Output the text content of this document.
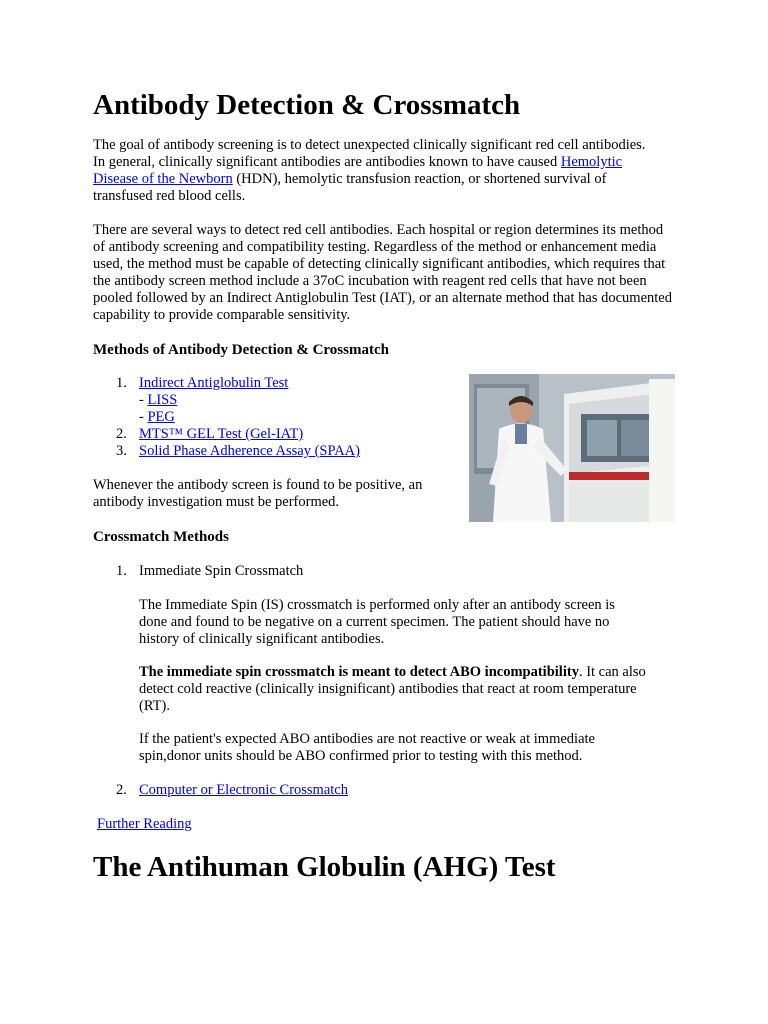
Antibody Detection & Crossmatch

The goal of antibody screening is to detect unexpected clinically significant red cell antibodies. In general, clinically significant antibodies are antibodies known to have caused Hemolytic Disease of the Newborn (HDN), hemolytic transfusion reaction, or shortened survival of transfused red blood cells.

There are several ways to detect red cell antibodies. Each hospital or region determines its method of antibody screening and compatibility testing. Regardless of the method or enhancement media used, the method must be capable of detecting clinically significant antibodies, which requires that the antibody screen method include a 37oC incubation with reagent red cells that have not been pooled followed by an Indirect Antiglobulin Test (IAT), or an alternate method that has documented capability to provide comparable sensitivity.

Methods of Antibody Detection & Crossmatch
1. Indirect Antiglobulin Test
- LISS
- PEG
2. MTS™ GEL Test (Gel-IAT)
3. Solid Phase Adherence Assay (SPAA)

Whenever the antibody screen is found to be positive, an antibody investigation must be performed.

Crossmatch Methods
1. Immediate Spin Crossmatch

The Immediate Spin (IS) crossmatch is performed only after an antibody screen is done and found to be negative on a current specimen. The patient should have no history of clinically significant antibodies.

The immediate spin crossmatch is meant to detect ABO incompatibility. It can also detect cold reactive (clinically insignificant) antibodies that react at room temperature (RT).

If the patient's expected ABO antibodies are not reactive or weak at immediate spin,donor units should be ABO confirmed prior to testing with this method.

2. Computer or Electronic Crossmatch
Further Reading
The Antihuman Globulin (AHG) Test
